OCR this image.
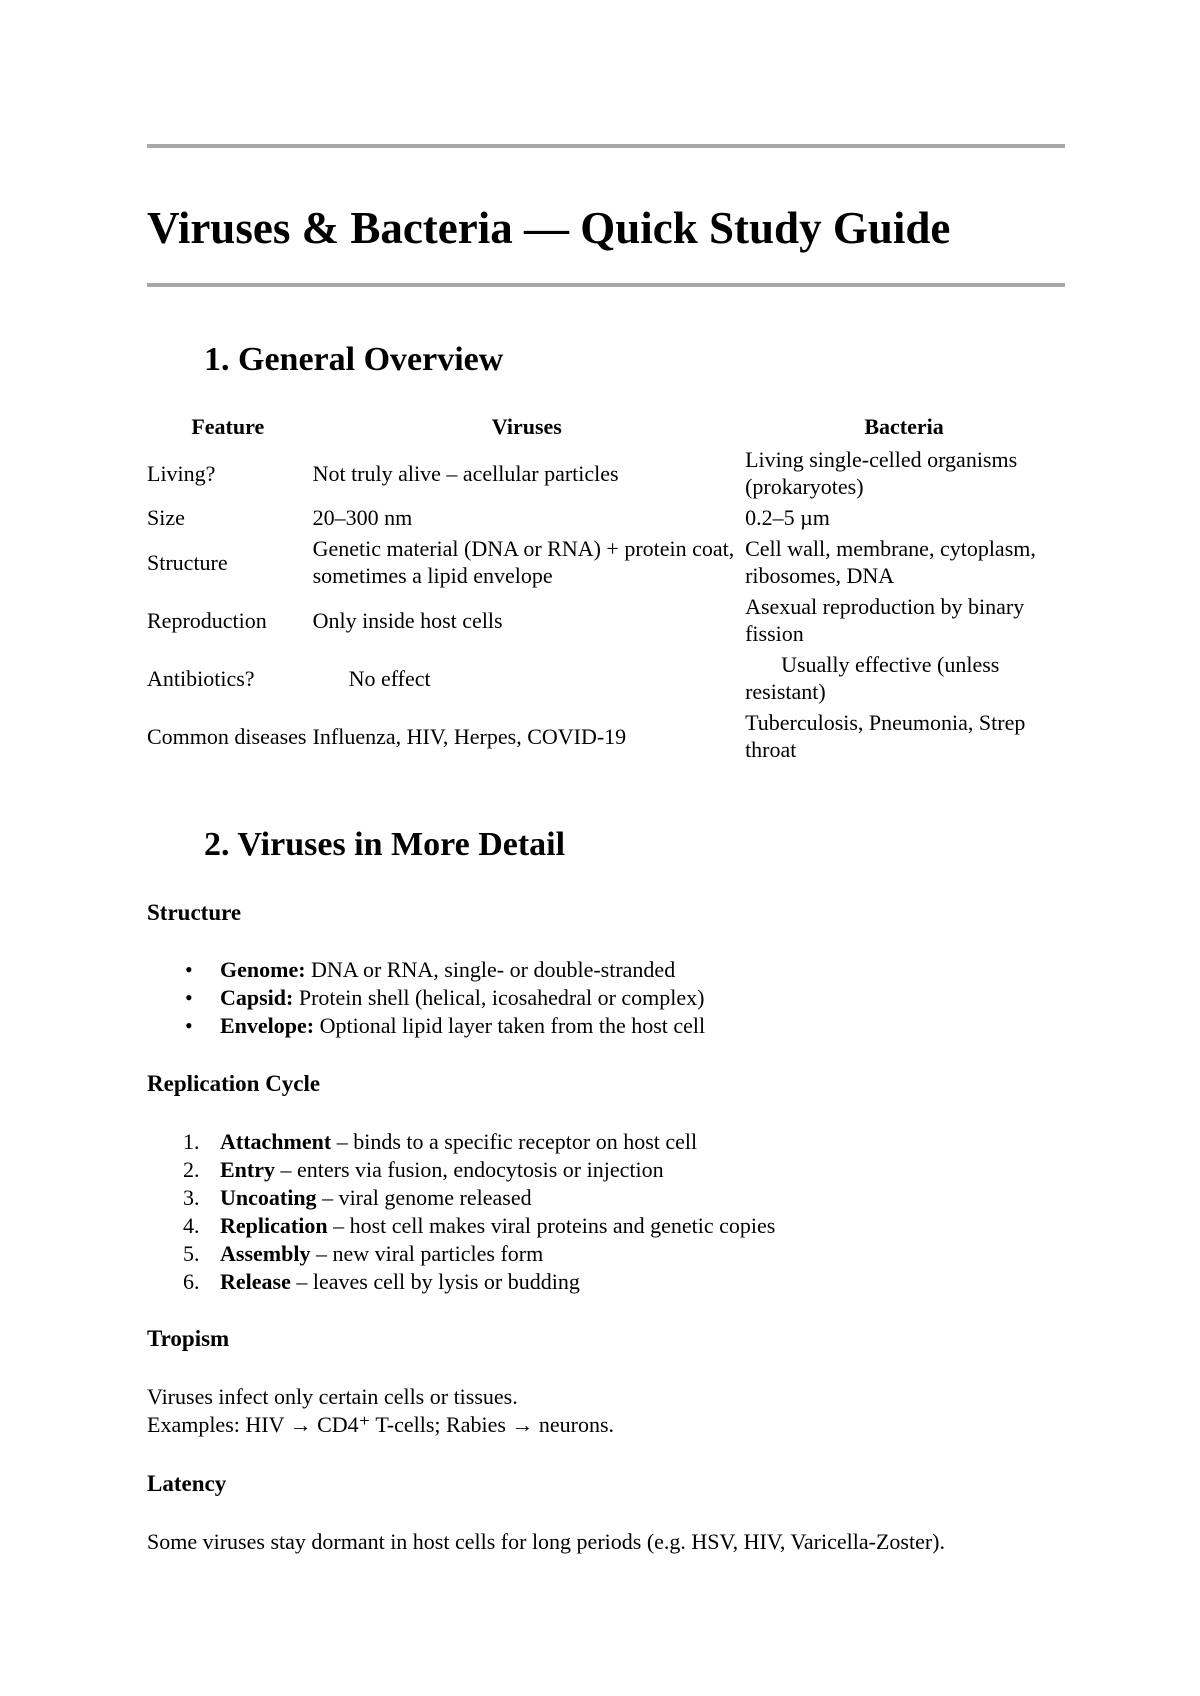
Viruses & Bacteria — Quick Study Guide
1. General Overview
Feature	Viruses	Bacteria
Living?	Not truly alive – acellular particles	Living single-celled organisms (prokaryotes)
Size	20–300 nm	0.2–5 µm
Structure	Genetic material (DNA or RNA) + protein coat, sometimes a lipid envelope	Cell wall, membrane, cytoplasm, ribosomes, DNA
Reproduction	Only inside host cells	Asexual reproduction by binary fission
Antibiotics?	No effect	Usually effective (unless resistant)
Common diseases	Influenza, HIV, Herpes, COVID-19	Tuberculosis, Pneumonia, Strep throat
2. Viruses in More Detail
Structure
• Genome: DNA or RNA, single- or double-stranded
• Capsid: Protein shell (helical, icosahedral or complex)
• Envelope: Optional lipid layer taken from the host cell
Replication Cycle
1. Attachment – binds to a specific receptor on host cell
2. Entry – enters via fusion, endocytosis or injection
3. Uncoating – viral genome released
4. Replication – host cell makes viral proteins and genetic copies
5. Assembly – new viral particles form
6. Release – leaves cell by lysis or budding
Tropism

Viruses infect only certain cells or tissues.

Examples: HIV → CD4⁺ T-cells; Rabies → neurons.

Latency

Some viruses stay dormant in host cells for long periods (e.g. HSV, HIV, Varicella-Zoster).
